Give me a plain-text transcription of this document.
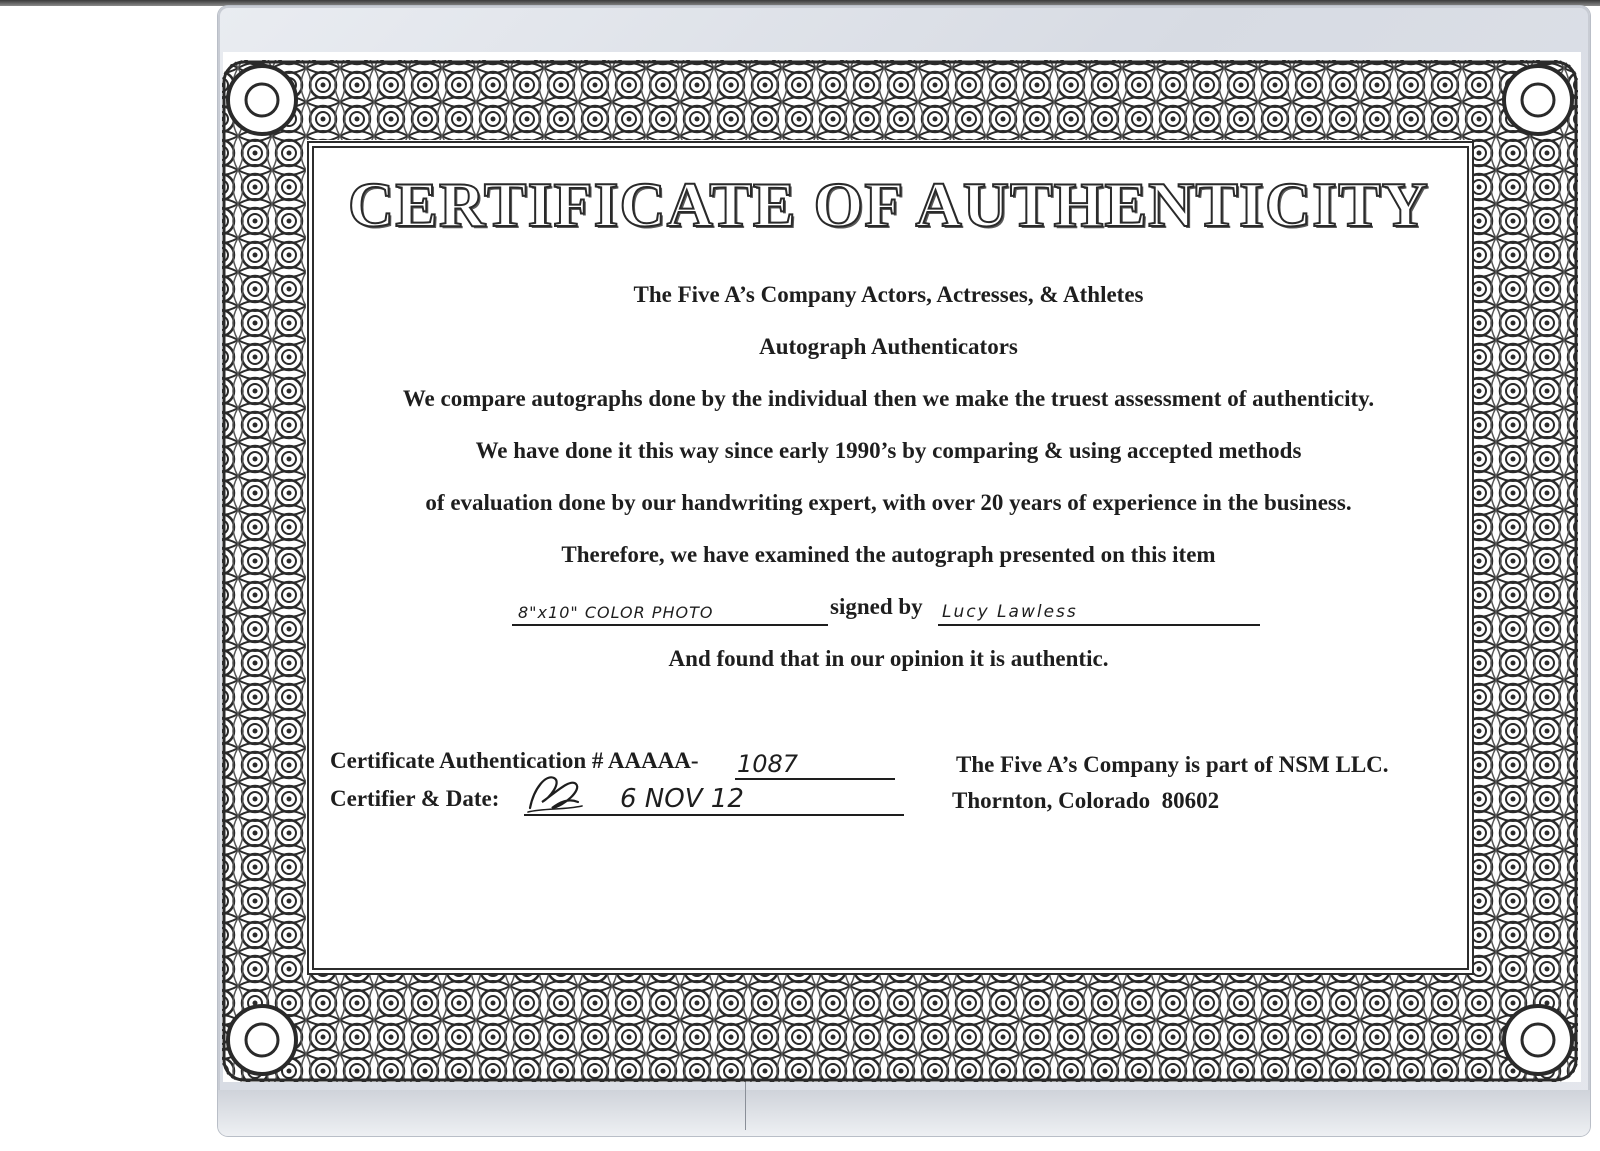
CERTIFICATE OF AUTHENTICITY
The Five A’s Company Actors, Actresses, & Athletes
Autograph Authenticators
We compare autographs done by the individual then we make the truest assessment of authenticity.
We have done it this way since early 1990’s by comparing & using accepted methods
of evaluation done by our handwriting expert, with over 20 years of experience in the business.
Therefore, we have examined the autograph presented on this item
8"x10" COLOR PHOTO	signed by Lucy Lawless
And found that in our opinion it is authentic.
Certificate Authentication # AAAAA- 1087
Certifier & Date:	6 NOV 12
The Five A’s Company is part of NSM LLC.
Thornton, Colorado  80602
